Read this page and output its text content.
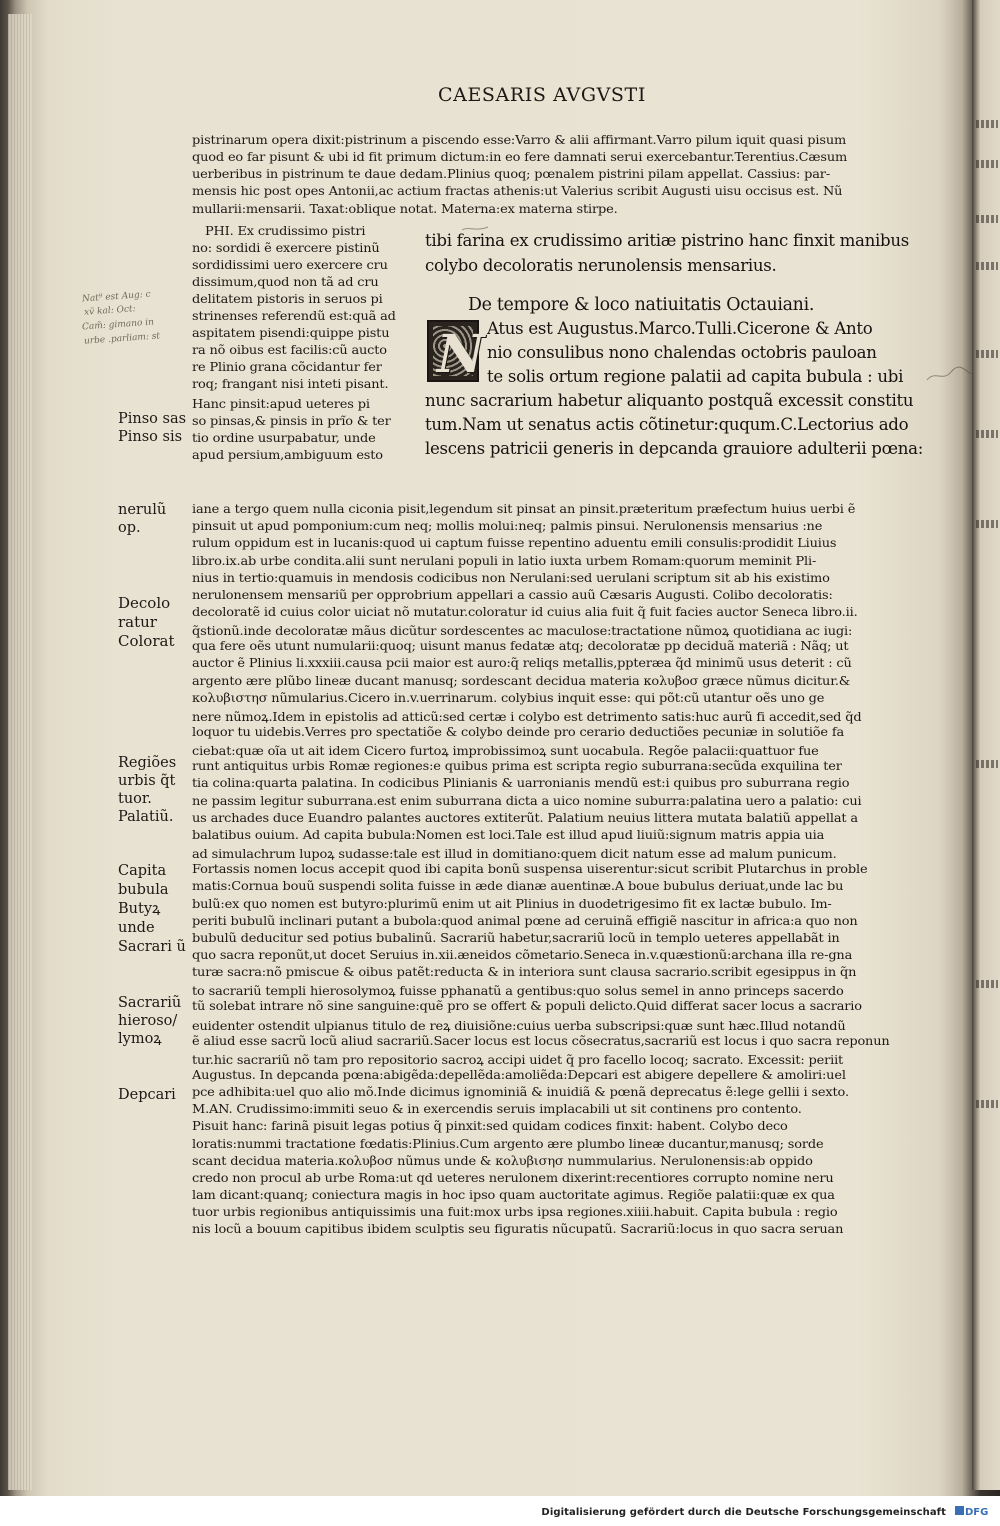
CAESARIS AVGVSTI
pistrinarum opera dixit:pistrinum a piscendo esse:Varro & alii affirmant.Varro pilum iquit quasi pisum
quod eo far pisunt & ubi id fit primum dictum:in eo fere damnati serui exercebantur.Terentius.Cæsum
uerberibus in pistrinum te daue dedam.Plinius quoq; pœnalem pistrini pilam appellat. Cassius: par-
mensis hic post opes Antonii,ac actium fractas athenis:ut Valerius scribit Augusti uisu occisus est. Nũ
mullarii:mensarii. Taxat:oblique notat. Materna:ex materna stirpe.
PHI. Ex crudissimo pistri
no: sordidi ẽ exercere pistinũ
sordidissimi uero exercere cru
dissimum,quod non tã ad cru
delitatem pistoris in seruos pi
strinenses referendũ est:quã ad
aspitatem pisendi:quippe pistu
ra nõ oibus est facilis:cũ aucto
re Plinio grana cõcidantur fer
roq; frangant nisi inteti pisant.
Hanc pinsit:apud ueteres pi
so pinsas,& pinsis in prĩo & ter
tio ordine usurpabatur, unde
apud persium,ambiguum esto
tibi farina ex crudissimo aritiæ pistrino hanc finxit manibus
colybo decoloratis nerunolensis mensarius.
De tempore & loco natiuitatis Octauiani.
N Atus est Augustus.Marco.Tulli.Cicerone & Anto
nio consulibus nono chalendas octobris pauloan
te solis ortum regione palatii ad capita bubula : ubi
nunc sacrarium habetur aliquanto postquã excessit constitu
tum.Nam ut senatus actis cõtinetur:ququm.C.Lectorius ado
lescens patricii generis in depcanda grauiore adulterii pœna:
iane a tergo quem nulla ciconia pisit,legendum sit pinsat an pinsit.præteritum præfectum huius uerbi ẽ
pinsuit ut apud pomponium:cum neq; mollis molui:neq; palmis pinsui. Nerulonensis mensarius :ne
rulum oppidum est in lucanis:quod ui captum fuisse repentino aduentu emili consulis:prodidit Liuius
libro.ix.ab urbe condita.alii sunt nerulani populi in latio iuxta urbem Romam:quorum meminit Pli-
nius in tertio:quamuis in mendosis codicibus non Nerulani:sed uerulani scriptum sit ab his existimo
nerulonensem mensariũ per opprobrium appellari a cassio auũ Cæsaris Augusti. Colibo decoloratis:
decoloratẽ id cuius color uiciat nõ mutatur.coloratur id cuius alia fuit q̃ fuit facies auctor Seneca libro.ii.
q̃stionũ.inde decoloratæ mãus dicũtur sordescentes ac maculose:tractatione nũmoꝝ quotidiana ac iugi:
qua fere oẽs utunt numularii:quoq; uisunt manus fedatæ atq; decoloratæ pp deciduã materiã : Nãq; ut
auctor ẽ Plinius li.xxxiii.causa pcii maior est auro:q̃ reliqs metallis,ppteræa q̃d minimũ usus deterit : cũ
argento ære plũbo lineæ ducant manusq; sordescant decidua materia κολυβοσ græce nũmus dicitur.&
κολυβιστησ nũmularius.Cicero in.v.uerrinarum. colybius inquit esse: qui põt:cũ utantur oẽs uno ge
nere nũmoꝝ.Idem in epistolis ad atticũ:sed certæ i colybo est detrimento satis:huc aurũ fi accedit,sed q̃d
loquor tu uidebis.Verres pro spectatiõe & colybo deinde pro cerario deductiões pecuniæ in solutiõe fa
ciebat:quæ oĩa ut ait idem Cicero furtoꝝ improbissimoꝝ sunt uocabula. Regõe palacii:quattuor fue
runt antiquitus urbis Romæ regiones:e quibus prima est scripta regio suburrana:secũda exquilina ter
tia colina:quarta palatina. In codicibus Plinianis & uarronianis mendũ est:i quibus pro suburrana regio
ne passim legitur suburrana.est enim suburrana dicta a uico nomine suburra:palatina uero a palatio: cui
us archades duce Euandro palantes auctores extiterũt. Palatium neuius littera mutata balatiũ appellat a
balatibus ouium. Ad capita bubula:Nomen est loci.Tale est illud apud liuiũ:signum matris appia uia
ad simulachrum lupoꝝ sudasse:tale est illud in domitiano:quem dicit natum esse ad malum punicum.
Fortassis nomen locus accepit quod ibi capita bonũ suspensa uiserentur:sicut scribit Plutarchus in proble
matis:Cornua bouũ suspendi solita fuisse in æde dianæ auentinæ.A boue bubulus deriuat,unde lac bu
bulũ:ex quo nomen est butyro:plurimũ enim ut ait Plinius in duodetrigesimo fit ex lactæ bubulo. Im-
periti bubulũ inclinari putant a bubola:quod animal pœne ad ceruinã effigiẽ nascitur in africa:a quo non
bubulũ deducitur sed potius bubalinũ. Sacrariũ habetur,sacrariũ locũ in templo ueteres appellabãt in
quo sacra reponũt,ut docet Seruius in.xii.æneidos cõmetario.Seneca in.v.quæstionũ:archana illa re-gna
turæ sacra:nõ pmiscue & oibus patẽt:reducta & in interiora sunt clausa sacrario.scribit egesippus in q̃n
to sacrariũ templi hierosolymoꝝ fuisse pphanatũ a gentibus:quo solus semel in anno princeps sacerdo
tũ solebat intrare nõ sine sanguine:quẽ pro se offert & populi delicto.Quid differat sacer locus a sacrario
euidenter ostendit ulpianus titulo de reꝝ diuisiõne:cuius uerba subscripsi:quæ sunt hæc.Illud notandũ
ẽ aliud esse sacrũ locũ aliud sacrariũ.Sacer locus est locus cõsecratus,sacrariũ est locus i quo sacra reponun
tur.hic sacrariũ nõ tam pro repositorio sacroꝝ accipi uidet q̃ pro facello locoq; sacrato. Excessit: periit
Augustus. In depcanda pœna:abigẽda:depellẽda:amoliẽda:Depcari est abigere depellere & amoliri:uel
pce adhibita:uel quo alio mõ.Inde dicimus ignominiã & inuidiã & pœnã deprecatus ẽ:lege gellii i sexto.
M.AN. Crudissimo:immiti seuo & in exercendis seruis implacabili ut sit continens pro contento.
Pisuit hanc: farinã pisuit legas potius q̃ pinxit:sed quidam codices finxit: habent. Colybo deco
loratis:nummi tractatione fœdatis:Plinius.Cum argento ære plumbo lineæ ducantur,manusq; sorde
scant decidua materia.κολυβοσ nũmus unde & κολυβισησ nummularius. Nerulonensis:ab oppido
credo non procul ab urbe Roma:ut qd ueteres nerulonem dixerint:recentiores corrupto nomine neru
lam dicant:quanq; coniectura magis in hoc ipso quam auctoritate agimus. Regiõe palatii:quæ ex qua
tuor urbis regionibus antiquissimis una fuit:mox urbs ipsa regiones.xiiii.habuit. Capita bubula : regio
nis locũ a bouum capitibus ibidem sculptis seu figuratis nũcupatũ. Sacrariũ:locus in quo sacra seruan
Pinso sas
Pinso sis
nerulũ
op.
Decolo
ratur
Colorat
Regiões
urbis q̃t
tuor.
Palatiũ.
Capita
bubula
Butyꝝ
unde
Sacrari ũ
Sacrariũ
hieroso/
lymoꝝ
Depcari
Nat⁹ est Aug: c
xv̈ kal: Oct:
Cam̃: gimano in
urbe .parliam: st
Digitalisierung gefördert durch die Deutsche Forschungsgemeinschaft DFG
